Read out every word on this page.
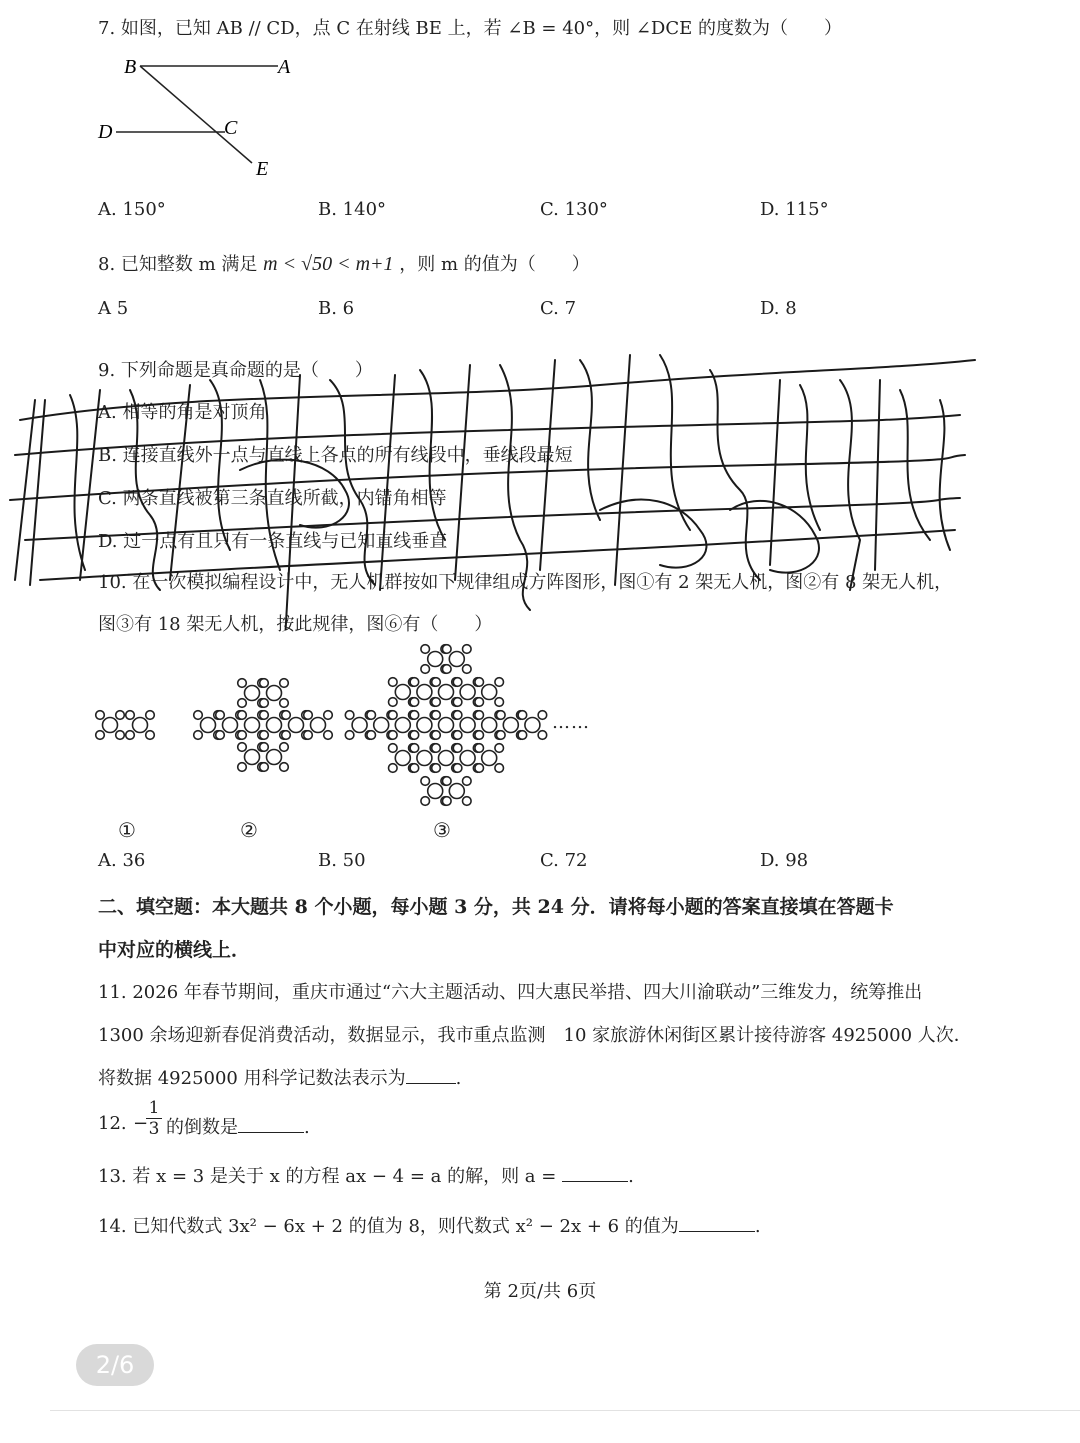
7. 如图，已知 AB // CD，点 C 在射线 BE 上，若 ∠B = 40°，则 ∠DCE 的度数为（　　）
B	A
D	C
E
A. 150°	B. 140°	C. 130°	D. 115°
8. 已知整数 m 满足 m < √50 < m+1 ，则 m 的值为（　　）
A 5	B. 6	C. 7	D. 8
9. 下列命题是真命题的是（　　）
A. 相等的角是对顶角
B. 连接直线外一点与直线上各点的所有线段中，垂线段最短
C. 两条直线被第三条直线所截，内错角相等
D. 过一点有且只有一条直线与已知直线垂直
10. 在一次模拟编程设计中，无人机群按如下规律组成方阵图形，图①有 2 架无人机，图②有 8 架无人机，
图③有 18 架无人机，按此规律，图⑥有（　　）
……
①	②	③
A. 36	B. 50	C. 72	D. 98
二、填空题：本大题共 8 个小题，每小题 3 分，共 24 分．请将每小题的答案直接填在答题卡
中对应的横线上．
11. 2026 年春节期间，重庆市通过“六大主题活动、四大惠民举措、四大川渝联动”三维发力，统筹推出
1300 余场迎新春促消费活动，数据显示，我市重点监测　10 家旅游休闲街区累计接待游客 4925000 人次．
将数据 4925000 用科学记数法表示为	.
12. −
$\frac{1}{3}$ 的倒数是	.
13. 若 x = 3 是关于 x 的方程 ax − 4 = a 的解，则 a =	.
14. 已知代数式 3x² − 6x + 2 的值为 8，则代数式 x² − 2x + 6 的值为	.
第 2页/共 6页
2/6
